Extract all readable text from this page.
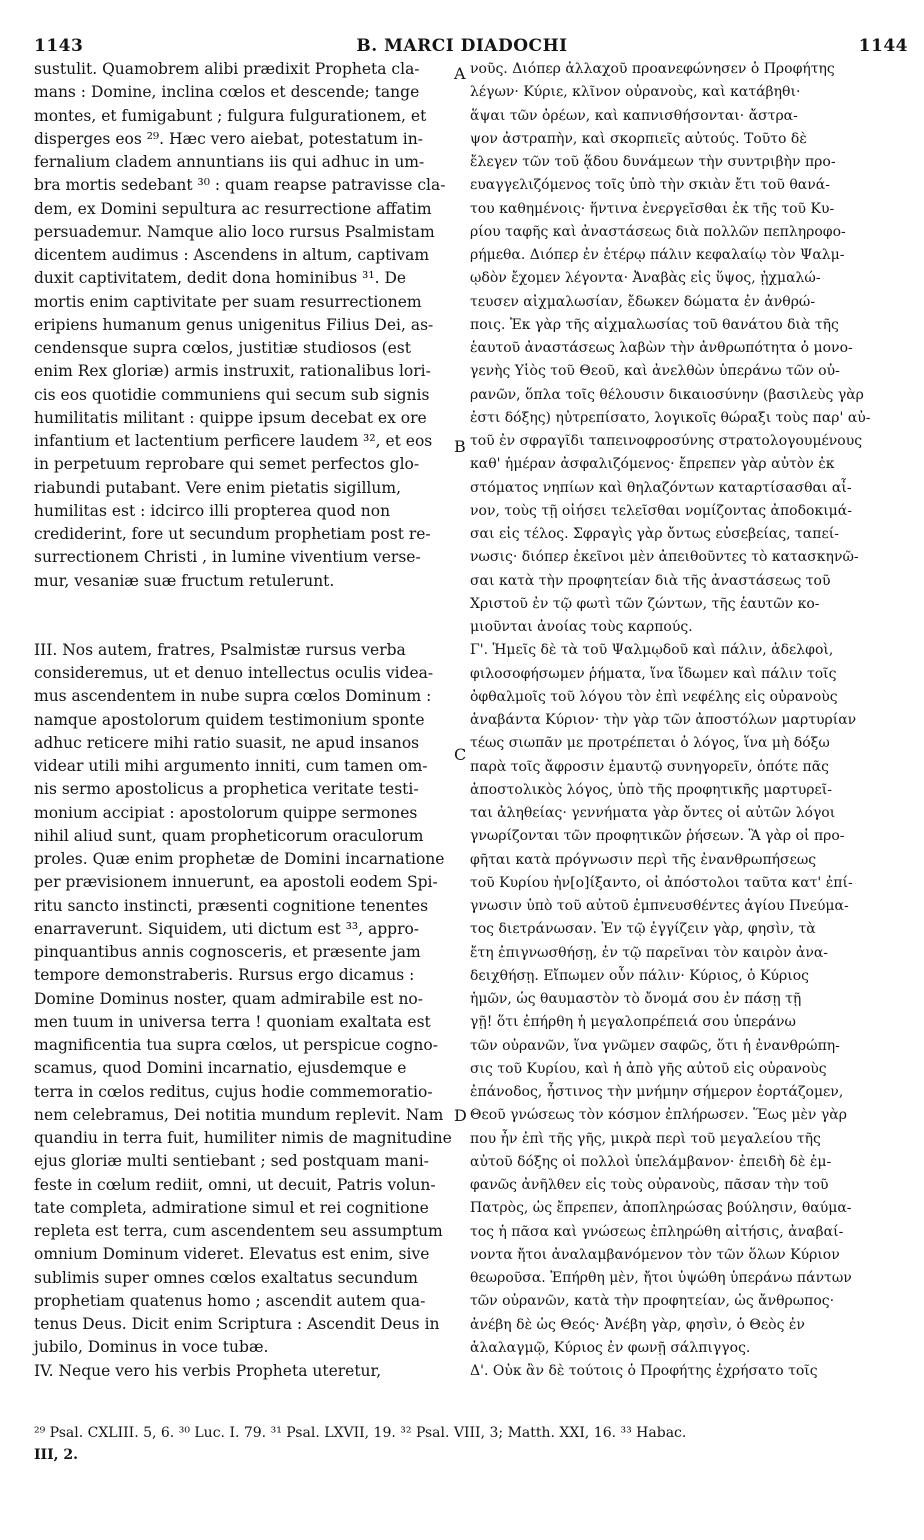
1143	B. MARCI DIADOCHI	1144
sustulit. Quamobrem alibi prædixit Propheta cla-
mans : Domine, inclina cœlos et descende; tange
montes, et fumigabunt ; fulgura fulgurationem, et
disperges eos ²⁹. Hæc vero aiebat, potestatum in-
fernalium cladem annuntians iis qui adhuc in um-
bra mortis sedebant ³⁰ : quam reapse patravisse cla-
dem, ex Domini sepultura ac resurrectione affatim
persuademur. Namque alio loco rursus Psalmistam
dicentem audimus : Ascendens in altum, captivam
duxit captivitatem, dedit dona hominibus ³¹. De
mortis enim captivitate per suam resurrectionem
eripiens humanum genus unigenitus Filius Dei, as-
cendensque supra cœlos, justitiæ studiosos (est
enim Rex gloriæ) armis instruxit, rationalibus lori-
cis eos quotidie communiens qui secum sub signis
humilitatis militant : quippe ipsum decebat ex ore
infantium et lactentium perficere laudem ³², et eos
in perpetuum reprobare qui semet perfectos glo-
riabundi putabant. Vere enim pietatis sigillum,
humilitas est : idcirco illi propterea quod non
crediderint, fore ut secundum prophetiam post re-
surrectionem Christi , in lumine viventium verse-
mur, vesaniæ suæ fructum retulerunt.
III. Nos autem, fratres, Psalmistæ rursus verba
consideremus, ut et denuo intellectus oculis videa-
mus ascendentem in nube supra cœlos Dominum :
namque apostolorum quidem testimonium sponte
adhuc reticere mihi ratio suasit, ne apud insanos
videar utili mihi argumento inniti, cum tamen om-
nis sermo apostolicus a prophetica veritate testi-
monium accipiat : apostolorum quippe sermones
nihil aliud sunt, quam propheticorum oraculorum
proles. Quæ enim prophetæ de Domini incarnatione
per prævisionem innuerunt, ea apostoli eodem Spi-
ritu sancto instincti, præsenti cognitione tenentes
enarraverunt. Siquidem, uti dictum est ³³, appro-
pinquantibus annis cognosceris, et præsente jam
tempore demonstraberis. Rursus ergo dicamus :
Domine Dominus noster, quam admirabile est no-
men tuum in universa terra ! quoniam exaltata est
magnificentia tua supra cœlos, ut perspicue cogno-
scamus, quod Domini incarnatio, ejusdemque e
terra in cœlos reditus, cujus hodie commemoratio-
nem celebramus, Dei notitia mundum replevit. Nam
quandiu in terra fuit, humiliter nimis de magnitudine
ejus gloriæ multi sentiebant ; sed postquam mani-
feste in cœlum rediit, omni, ut decuit, Patris volun-
tate completa, admiratione simul et rei cognitione
repleta est terra, cum ascendentem seu assumptum
omnium Dominum videret. Elevatus est enim, sive
sublimis super omnes cœlos exaltatus secundum
prophetiam quatenus homo ; ascendit autem qua-
tenus Deus. Dicit enim Scriptura : Ascendit Deus in
jubilo, Dominus in voce tubæ.
IV. Neque vero his verbis Propheta uteretur,
νοῦς. Διόπερ ἀλλαχοῦ προανεφώνησεν ὁ Προφήτης
λέγων· Κύριε, κλῖνον οὐρανοὺς, καὶ κατάβηθι·
ἅψαι τῶν ὀρέων, καὶ καπνισθήσονται· ἄστρα-
ψον ἀστραπὴν, καὶ σκορπιεῖς αὐτούς. Τοῦτο δὲ
ἔλεγεν τῶν τοῦ ᾅδου δυνάμεων τὴν συντριβὴν προ-
ευαγγελιζόμενος τοῖς ὑπὸ τὴν σκιὰν ἔτι τοῦ θανά-
του καθημένοις· ἥντινα ἐνεργεῖσθαι ἐκ τῆς τοῦ Κυ-
ρίου ταφῆς καὶ ἀναστάσεως διὰ πολλῶν πεπληροφο-
ρήμεθα. Διόπερ ἐν ἑτέρῳ πάλιν κεφαλαίῳ τὸν Ψαλμ-
ῳδὸν ἔχομεν λέγοντα· Ἀναβὰς εἰς ὕψος, ᾐχμαλώ-
τευσεν αἰχμαλωσίαν, ἔδωκεν δώματα ἐν ἀνθρώ-
ποις. Ἐκ γὰρ τῆς αἰχμαλωσίας τοῦ θανάτου διὰ τῆς
ἑαυτοῦ ἀναστάσεως λαβὼν τὴν ἀνθρωπότητα ὁ μονο-
γενὴς Υἱὸς τοῦ Θεοῦ, καὶ ἀνελθὼν ὑπεράνω τῶν οὐ-
ρανῶν, ὅπλα τοῖς θέλουσιν δικαιοσύνην (βασιλεὺς γὰρ
ἐστι δόξης) ηὐτρεπίσατο, λογικοῖς θώραξι τοὺς παρ' αὐ-
τοῦ ἐν σφραγῖδι ταπεινοφροσύνης στρατολογουμένους
καθ' ἡμέραν ἀσφαλιζόμενος· ἔπρεπεν γὰρ αὐτὸν ἐκ
στόματος νηπίων καὶ θηλαζόντων καταρτίσασθαι αἶ-
νον, τοὺς τῇ οἰήσει τελεῖσθαι νομίζοντας ἀποδοκιμά-
σαι εἰς τέλος. Σφραγὶς γὰρ ὄντως εὐσεβείας, ταπεί-
νωσις· διόπερ ἐκεῖνοι μὲν ἀπειθοῦντες τὸ κατασκηνῶ-
σαι κατὰ τὴν προφητείαν διὰ τῆς ἀναστάσεως τοῦ
Χριστοῦ ἐν τῷ φωτὶ τῶν ζώντων, τῆς ἑαυτῶν κο-
μιοῦνται ἀνοίας τοὺς καρπούς.
Γ'. Ἡμεῖς δὲ τὰ τοῦ Ψαλμῳδοῦ καὶ πάλιν, ἀδελφοὶ,
φιλοσοφήσωμεν ῥήματα, ἵνα ἴδωμεν καὶ πάλιν τοῖς
ὀφθαλμοῖς τοῦ λόγου τὸν ἐπὶ νεφέλης εἰς οὐρανοὺς
ἀναβάντα Κύριον· τὴν γὰρ τῶν ἀποστόλων μαρτυρίαν
τέως σιωπᾶν με προτρέπεται ὁ λόγος, ἵνα μὴ δόξω
παρὰ τοῖς ἄφροσιν ἐμαυτῷ συνηγορεῖν, ὁπότε πᾶς
ἀποστολικὸς λόγος, ὑπὸ τῆς προφητικῆς μαρτυρεῖ-
ται ἀληθείας· γεννήματα γὰρ ὄντες οἱ αὐτῶν λόγοι
γνωρίζονται τῶν προφητικῶν ῥήσεων. Ἃ γὰρ οἱ προ-
φῆται κατὰ πρόγνωσιν περὶ τῆς ἐνανθρωπήσεως
τοῦ Κυρίου ἠν[ο]ίξαντο, οἱ ἀπόστολοι ταῦτα κατ' ἐπί-
γνωσιν ὑπὸ τοῦ αὐτοῦ ἐμπνευσθέντες ἁγίου Πνεύμα-
τος διετράνωσαν. Ἐν τῷ ἐγγίζειν γὰρ, φησὶν, τὰ
ἔτη ἐπιγνωσθήσῃ, ἐν τῷ παρεῖναι τὸν καιρὸν ἀνα-
δειχθήσῃ. Εἴπωμεν οὖν πάλιν· Κύριος, ὁ Κύριος
ἡμῶν, ὡς θαυμαστὸν τὸ ὄνομά σου ἐν πάσῃ τῇ
γῇ! ὅτι ἐπήρθη ἡ μεγαλοπρέπειά σου ὑπεράνω
τῶν οὐρανῶν, ἵνα γνῶμεν σαφῶς, ὅτι ἡ ἐνανθρώπη-
σις τοῦ Κυρίου, καὶ ἡ ἀπὸ γῆς αὐτοῦ εἰς οὐρανοὺς
ἐπάνοδος, ἧστινος τὴν μνήμην σήμερον ἑορτάζομεν,
Θεοῦ γνώσεως τὸν κόσμον ἐπλήρωσεν. Ἕως μὲν γὰρ
που ἦν ἐπὶ τῆς γῆς, μικρὰ περὶ τοῦ μεγαλείου τῆς
αὐτοῦ δόξης οἱ πολλοὶ ὑπελάμβανον· ἐπειδὴ δὲ ἐμ-
φανῶς ἀνῆλθεν εἰς τοὺς οὐρανοὺς, πᾶσαν τὴν τοῦ
Πατρὸς, ὡς ἔπρεπεν, ἀποπληρώσας βούλησιν, θαύμα-
τος ἡ πᾶσα καὶ γνώσεως ἐπληρώθη αἰτήσις, ἀναβαί-
νοντα ἤτοι ἀναλαμβανόμενον τὸν τῶν ὅλων Κύριον
θεωροῦσα. Ἐπήρθη μὲν, ἤτοι ὑψώθη ὑπεράνω πάντων
τῶν οὐρανῶν, κατὰ τὴν προφητείαν, ὡς ἄνθρωπος·
ἀνέβη δὲ ὡς Θεός· Ἀνέβη γὰρ, φησὶν, ὁ Θεὸς ἐν
ἀλαλαγμῷ, Κύριος ἐν φωνῇ σάλπιγγος.
Δ'. Οὐκ ἂν δὲ τούτοις ὁ Προφήτης ἐχρήσατο τοῖς
A
B
C
D
²⁹ Psal. CXLIII. 5, 6. ³⁰ Luc. I. 79. ³¹ Psal. LXVII, 19. ³² Psal. VIII, 3; Matth. XXI, 16. ³³ Habac.
III, 2.
